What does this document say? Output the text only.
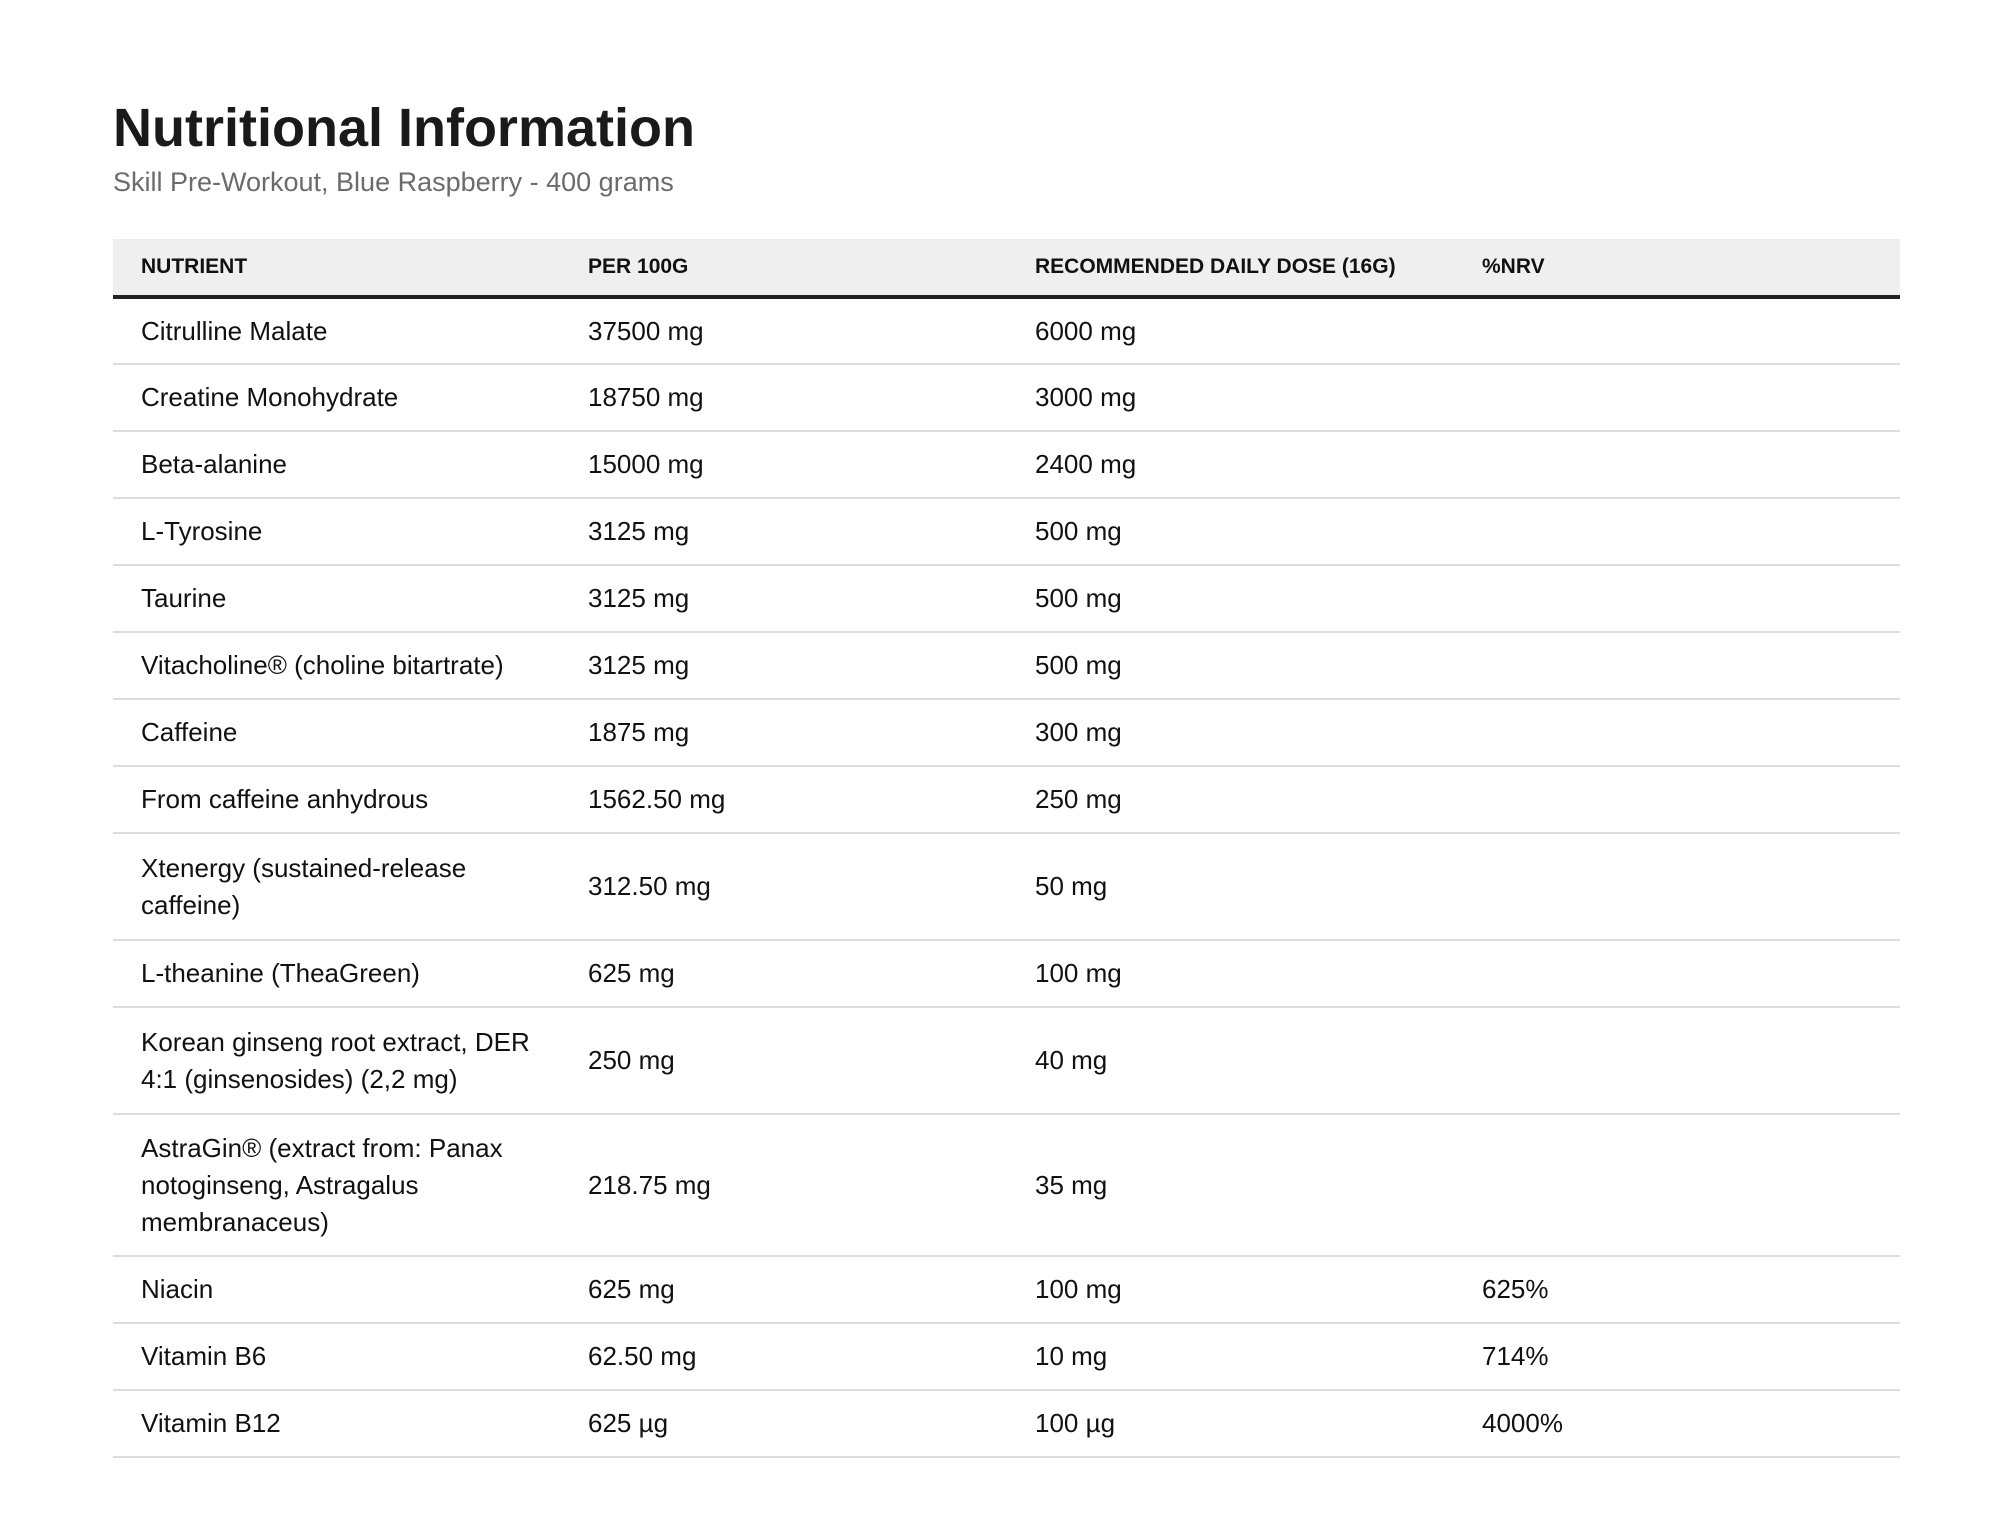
Nutritional Information

Skill Pre-Workout, Blue Raspberry - 400 grams

NUTRIENT	PER 100G	RECOMMENDED DAILY DOSE (16G)	%NRV
Citrulline Malate	37500 mg	6000 mg	
Creatine Monohydrate	18750 mg	3000 mg	
Beta-alanine	15000 mg	2400 mg	
L-Tyrosine	3125 mg	500 mg	
Taurine	3125 mg	500 mg	
Vitacholine® (choline bitartrate)	3125 mg	500 mg	
Caffeine	1875 mg	300 mg	
From caffeine anhydrous	1562.50 mg	250 mg	
Xtenergy (sustained-release caffeine)	312.50 mg	50 mg	
L-theanine (TheaGreen)	625 mg	100 mg	
Korean ginseng root extract, DER 4:1 (ginsenosides) (2,2 mg)	250 mg	40 mg	
AstraGin® (extract from: Panax notoginseng, Astragalus membranaceus)	218.75 mg	35 mg	
Niacin	625 mg	100 mg	625%
Vitamin B6	62.50 mg	10 mg	714%
Vitamin B12	625 µg	100 µg	4000%
